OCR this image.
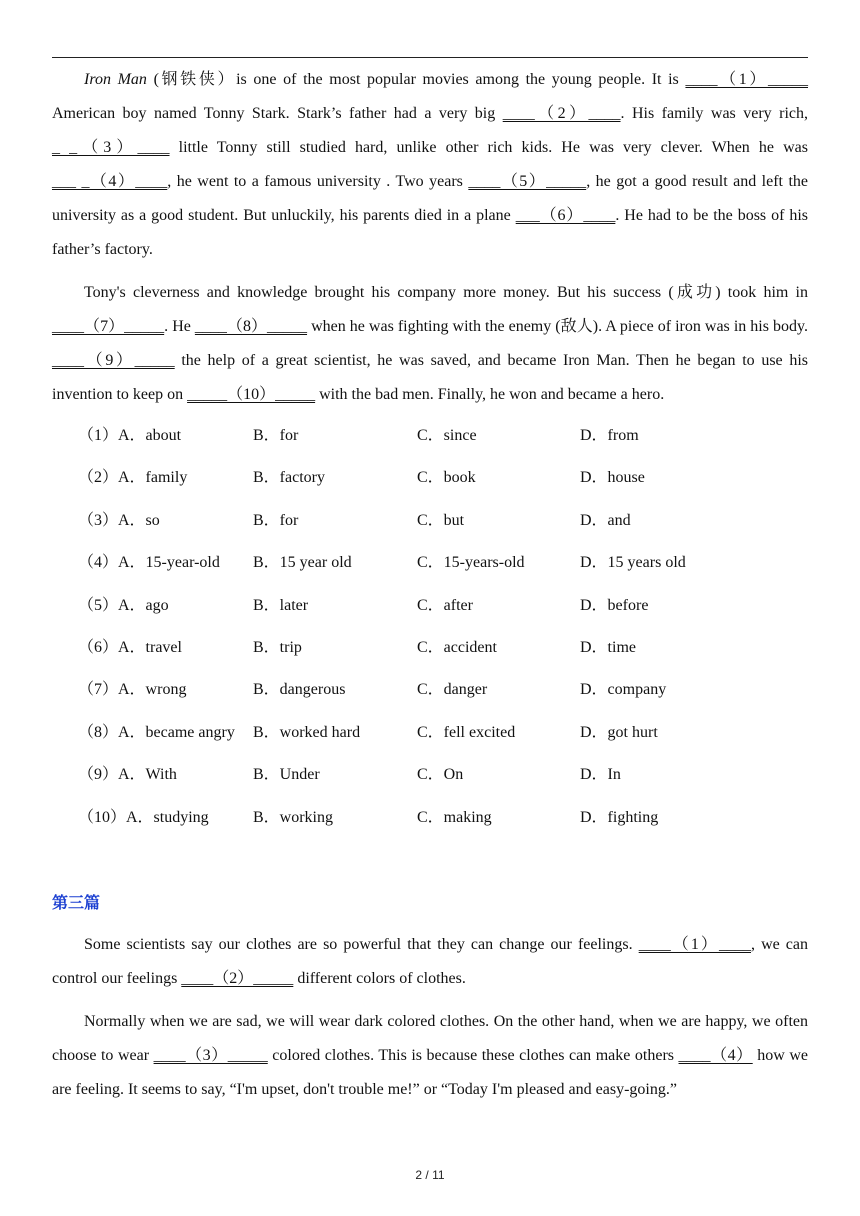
Iron Man (钢铁侠）is one of the most popular movies among the young people. It is ____（1）_____ American boy named Tonny Stark. Stark’s father had a very big ____（2）____. His family was very rich, _ _（3）____ little Tonny still studied hard, unlike other rich kids. He was very clever. When he was ___ _（4）____, he went to a famous university . Two years ____（5）_____, he got a good result and left the university as a good student. But unluckily, his parents died in a plane ___（6）____. He had to be the boss of his father’s factory.

Tony's cleverness and knowledge brought his company more money. But his success (成功) took him in ____（7）_____. He ____（8）_____ when he was fighting with the enemy (敌人). A piece of iron was in his body. ____（9）_____ the help of a great scientist, he was saved, and became Iron Man. Then he began to use his invention to keep on _____（10）_____ with the bad men. Finally, he won and became a hero.

（1）A．about	B．for	C．since	D．from
（2）A．family	B．factory	C．book	D．house
（3）A．so	B．for	C．but	D．and
（4）A．15-year-old B．15 year old	C．15-years-old	D．15 years old
（5）A．ago	B．later	C．after	D．before
（6）A．travel	B．trip	C．accident	D．time
（7）A．wrong	B．dangerous	C．danger	D．company
（8）A．became angry B．worked hard	C．fell excited	D．got hurt
（9）A．With	B．Under	C．On	D．In
（10）A．studying	B．working	C．making	D．fighting
第三篇

Some scientists say our clothes are so powerful that they can change our feelings. ____（1）____, we can control our feelings ____（2）_____ different colors of clothes.

Normally when we are sad, we will wear dark colored clothes. On the other hand, when we are happy, we often choose to wear ____（3）_____ colored clothes. This is because these clothes can make others ____（4） how we are feeling. It seems to say, “I'm upset, don't trouble me!” or “Today I'm pleased and easy-going.”

2 / 11
